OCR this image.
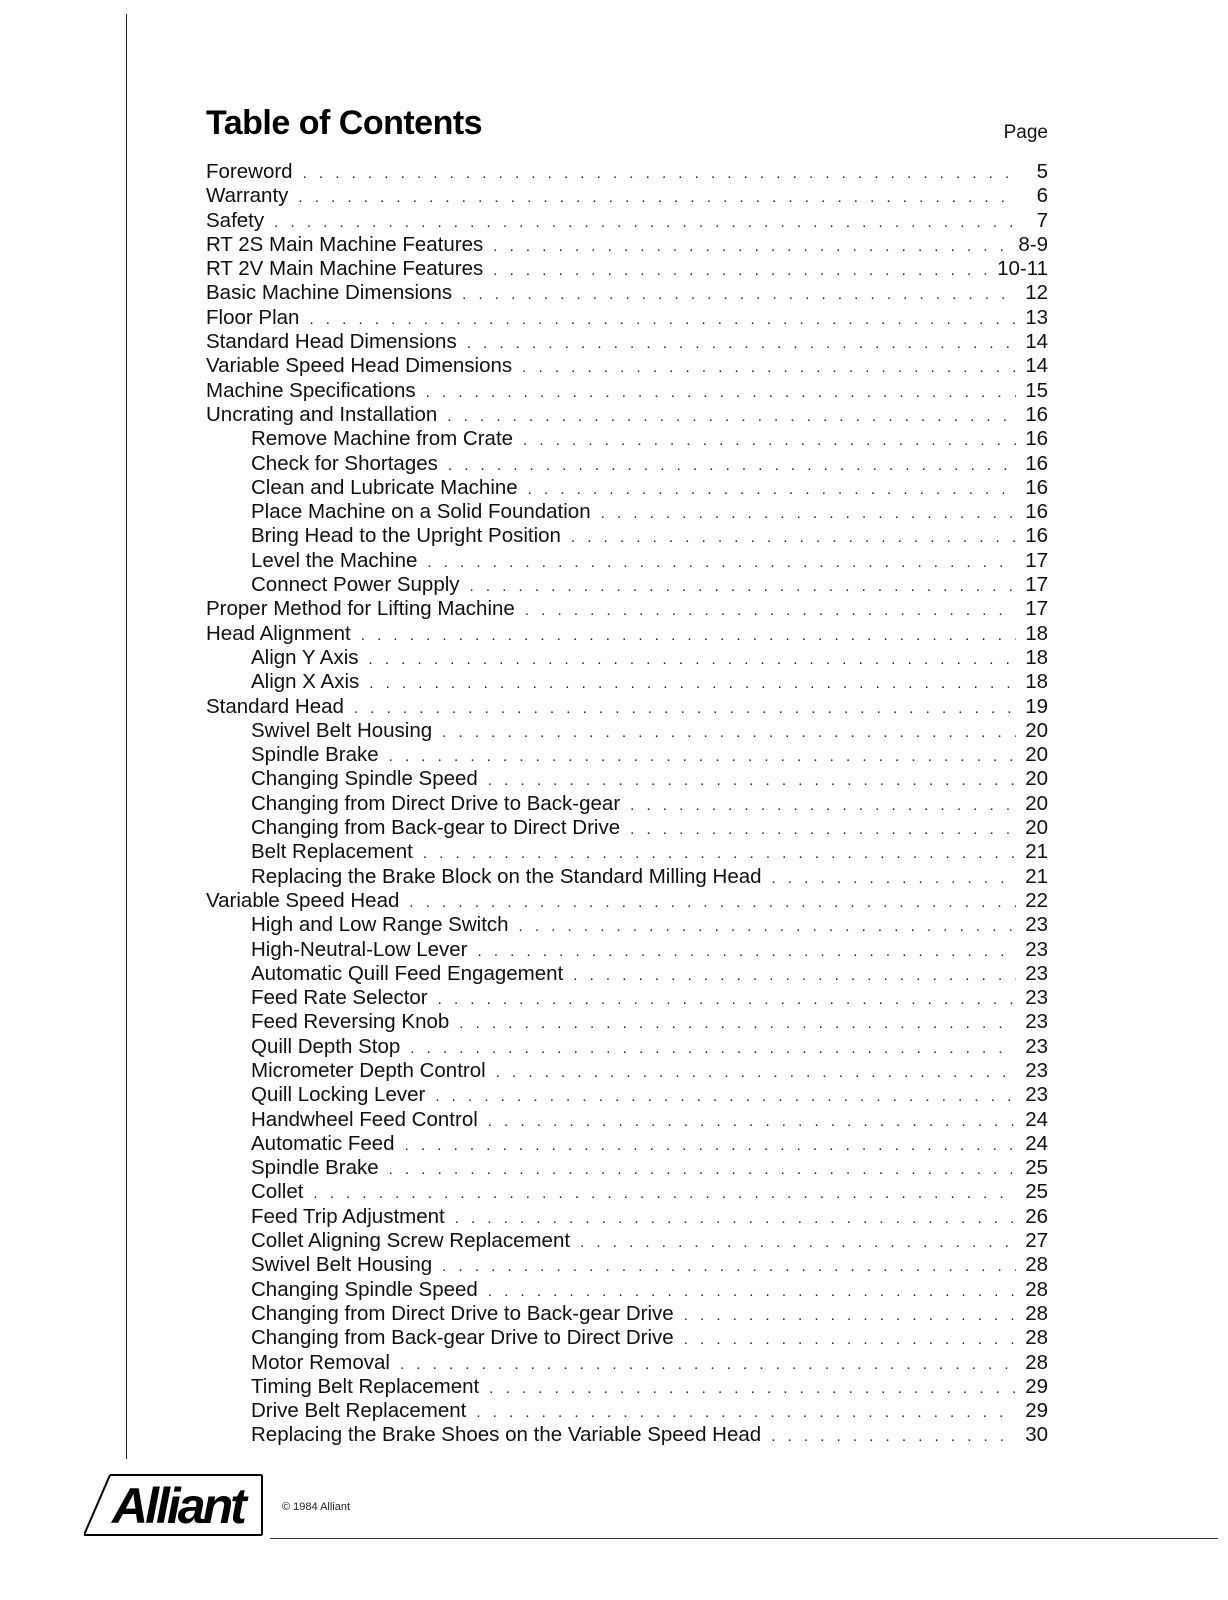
Table of Contents	Page
Foreword . . .	5
Warranty . . .	6
Safety . . .	7
RT 2S Main Machine Features . . .	8-9
RT 2V Main Machine Features . . .	10-11
Basic Machine Dimensions . . .	12
Floor Plan . . .	13
Standard Head Dimensions . . .	14
Variable Speed Head Dimensions . . .	14
Machine Specifications . . .	15
Uncrating and Installation . . .	16
Remove Machine from Crate . . .	16
Check for Shortages . . .	16
Clean and Lubricate Machine . . .	16
Place Machine on a Solid Foundation . . .	16
Bring Head to the Upright Position . . .	16
Level the Machine . . .	17
Connect Power Supply . . .	17
Proper Method for Lifting Machine . . .	17
Head Alignment . . .	18
Align Y Axis . . .	18
Align X Axis . . .	18
Standard Head . . .	19
Swivel Belt Housing . . .	20
Spindle Brake . . .	20
Changing Spindle Speed . . .	20
Changing from Direct Drive to Back-gear . . .	20
Changing from Back-gear to Direct Drive . . .	20
Belt Replacement . . .	21
Replacing the Brake Block on the Standard Milling Head . . .	21
Variable Speed Head . . .	22
High and Low Range Switch . . .	23
High-Neutral-Low Lever . . .	23
Automatic Quill Feed Engagement . . .	23
Feed Rate Selector . . .	23
Feed Reversing Knob . . .	23
Quill Depth Stop . . .	23
Micrometer Depth Control . . .	23
Quill Locking Lever . . .	23
Handwheel Feed Control . . .	24
Automatic Feed . . .	24
Spindle Brake . . .	25
Collet . . .	25
Feed Trip Adjustment . . .	26
Collet Aligning Screw Replacement . . .	27
Swivel Belt Housing . . .	28
Changing Spindle Speed . . .	28
Changing from Direct Drive to Back-gear Drive . . .	28
Changing from Back-gear Drive to Direct Drive . . .	28
Motor Removal . . .	28
Timing Belt Replacement . . .	29
Drive Belt Replacement . . .	29
Replacing the Brake Shoes on the Variable Speed Head . . .	30
Alliant	© 1984 Alliant
